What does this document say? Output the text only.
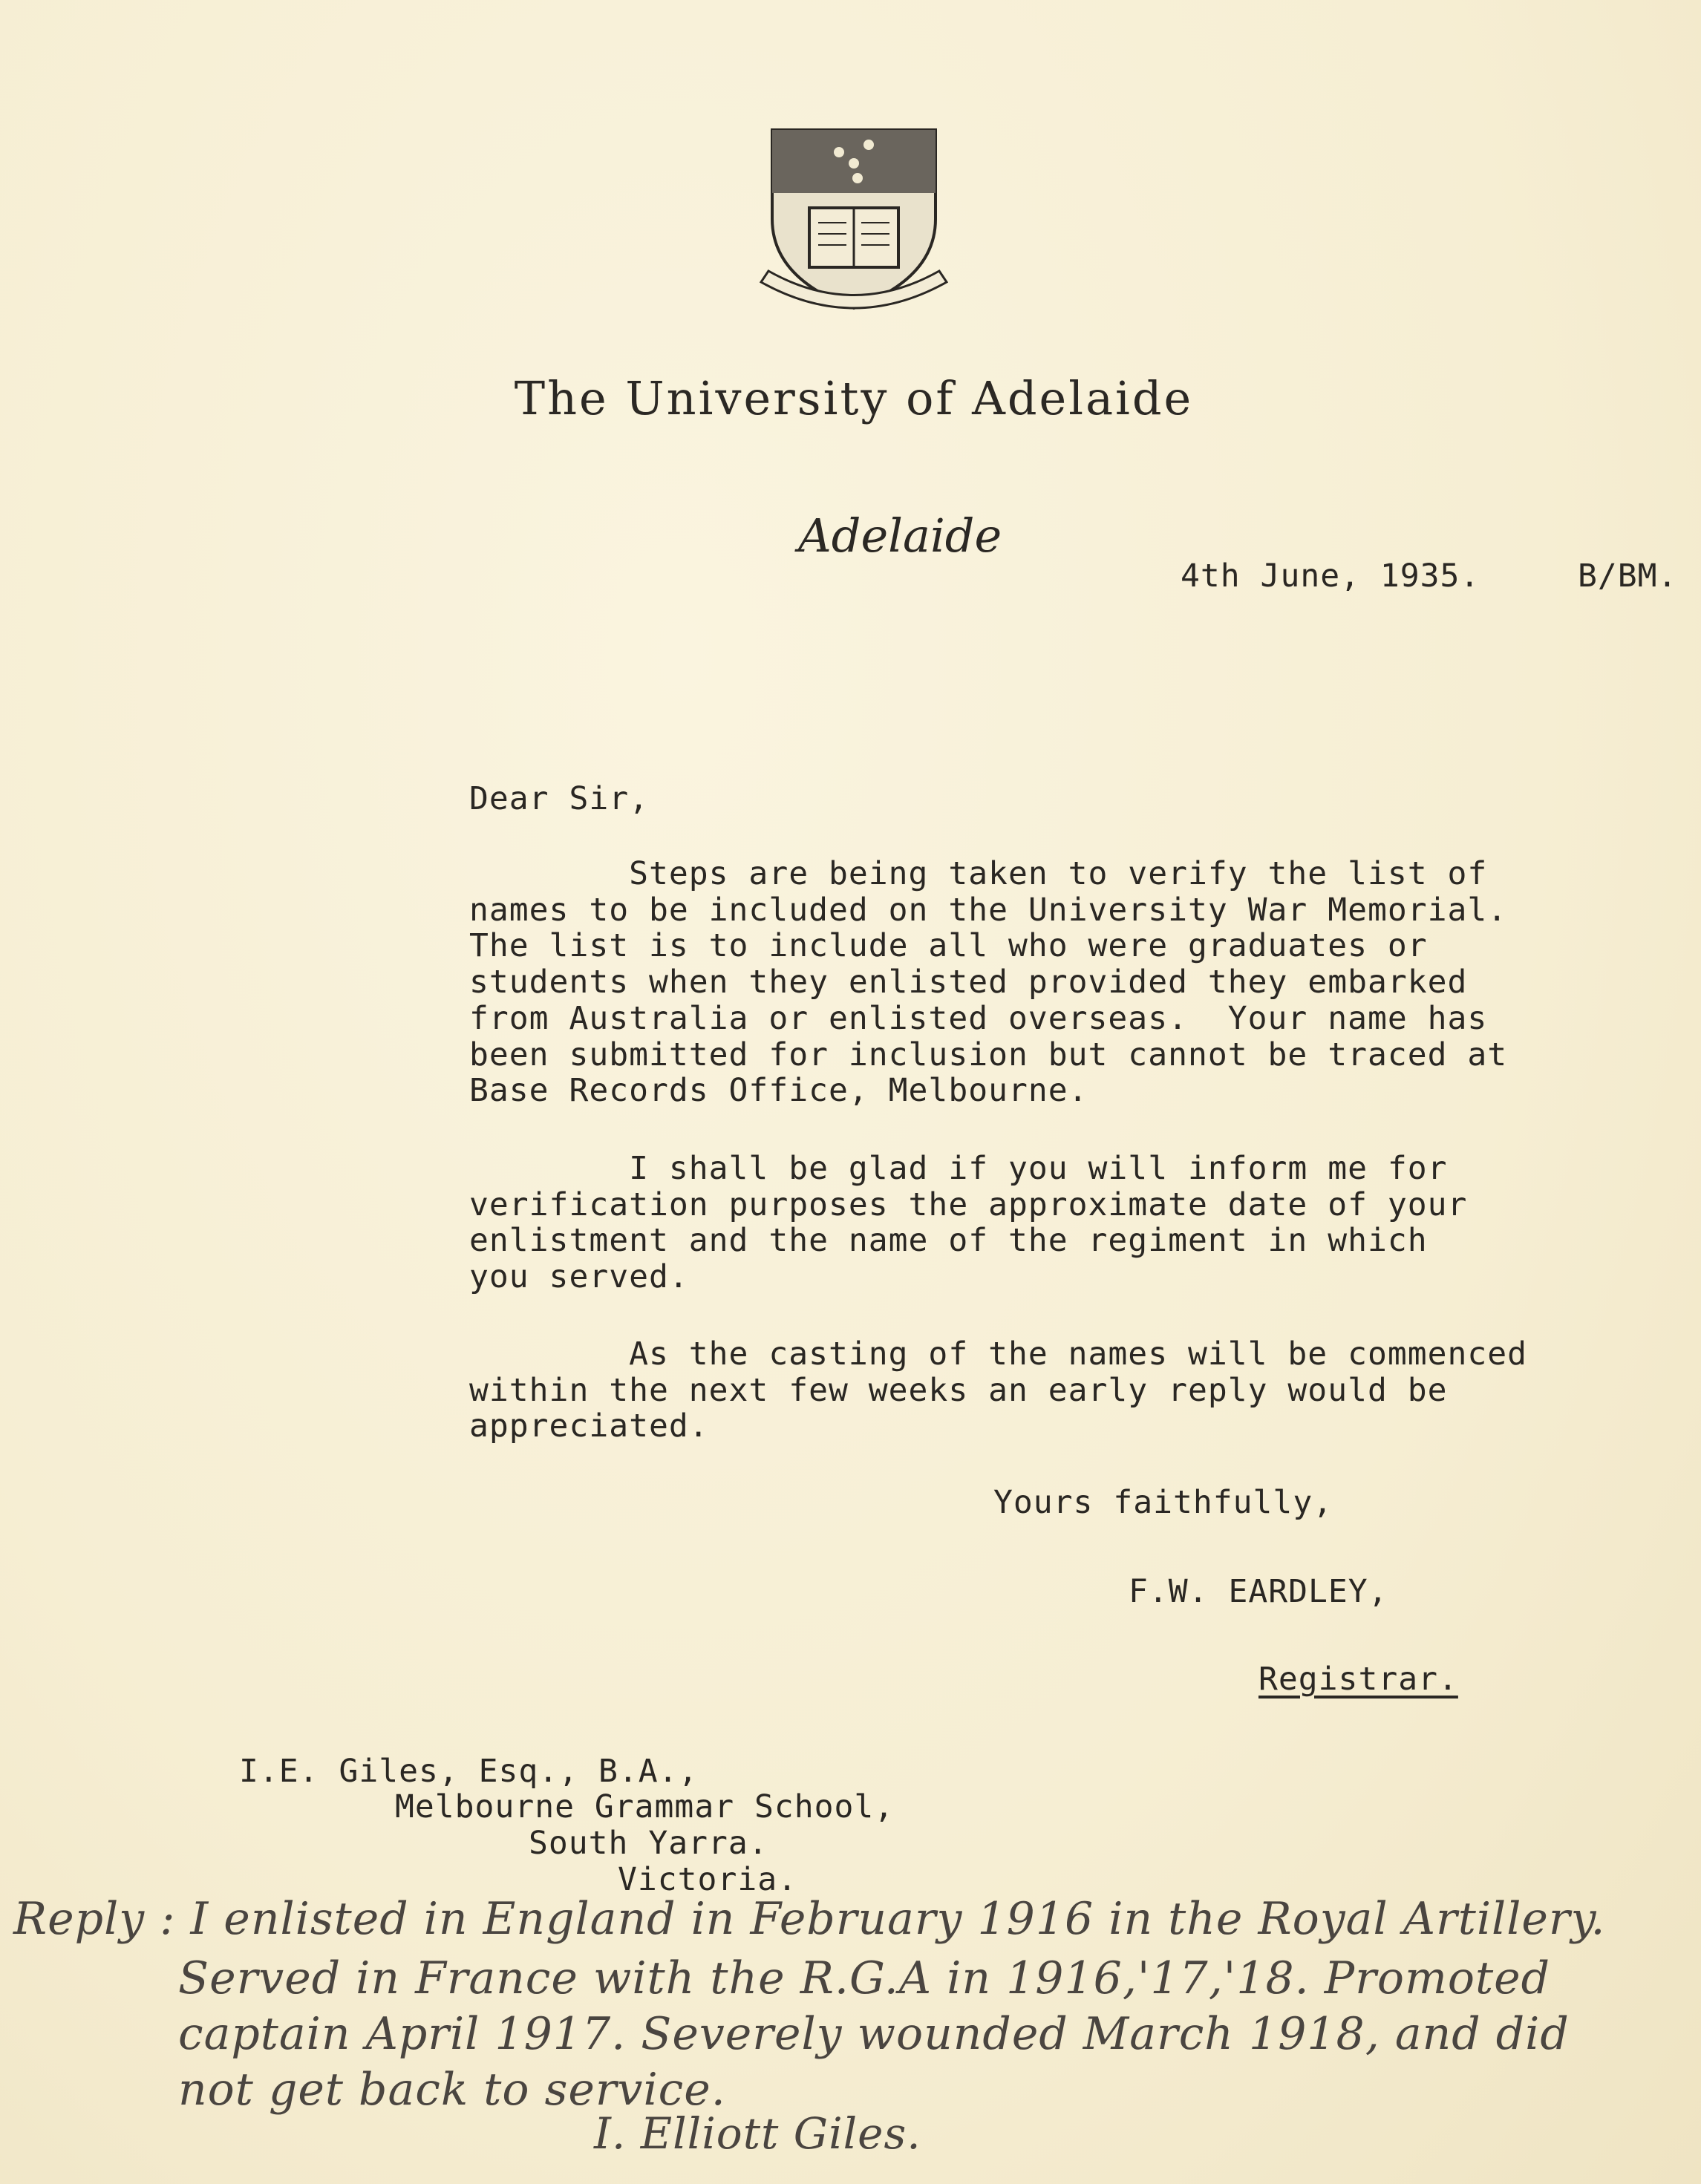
The University of Adelaide
Adelaide
4th June, 1935.	B/BM.
Dear Sir,
Steps are being taken to verify the list of
names to be included on the University War Memorial.
The list is to include all who were graduates or
students when they enlisted provided they embarked
from Australia or enlisted overseas.  Your name has
been submitted for inclusion but cannot be traced at
Base Records Office, Melbourne.
I shall be glad if you will inform me for
verification purposes the approximate date of your
enlistment and the name of the regiment in which
you served.
As the casting of the names will be commenced
within the next few weeks an early reply would be
appreciated.
Yours faithfully,
F.W. EARDLEY,
Registrar.
I.E. Giles, Esq., B.A.,
Melbourne Grammar School,
South Yarra.
Victoria.
Reply : I enlisted in England in February 1916 in the Royal Artillery.
Served in France with the R.G.A in 1916,'17,'18. Promoted
captain April 1917. Severely wounded March 1918, and did
not get back to service.
I. Elliott Giles.
